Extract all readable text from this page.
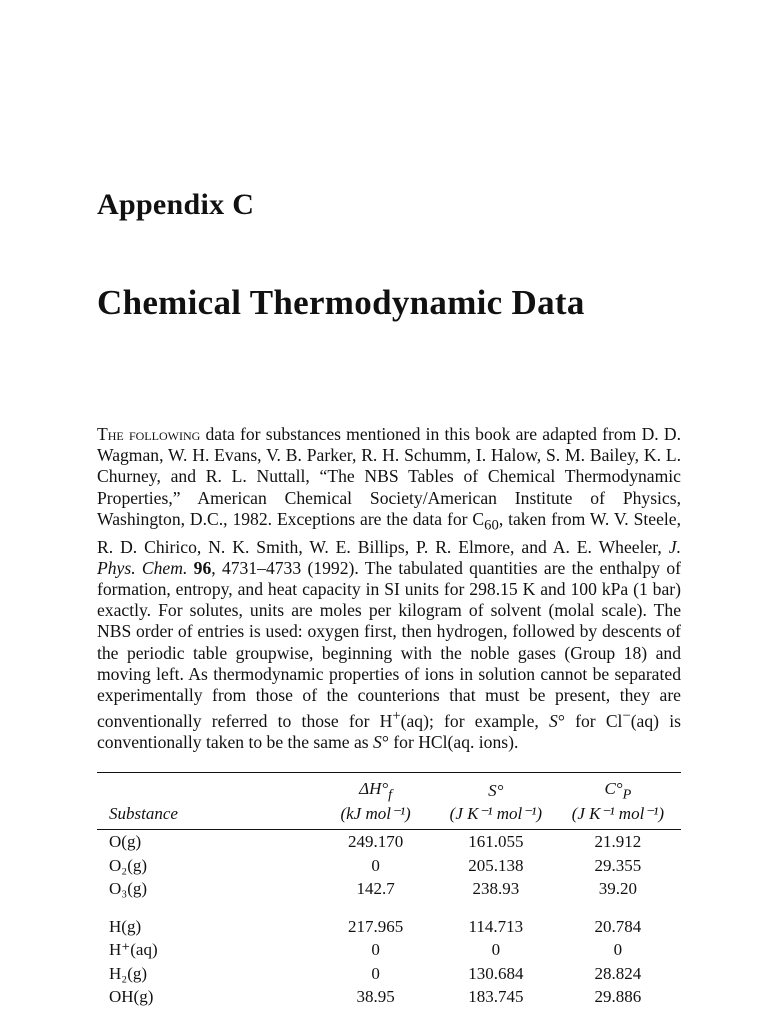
Appendix C
Chemical Thermodynamic Data
The following data for substances mentioned in this book are adapted from D. D. Wagman, W. H. Evans, V. B. Parker, R. H. Schumm, I. Halow, S. M. Bailey, K. L. Churney, and R. L. Nuttall, “The NBS Tables of Chemical Thermodynamic Properties,” American Chemical Society/American Institute of Physics, Washington, D.C., 1982. Exceptions are the data for $C_{60}$, taken from W. V. Steele, R. D. Chirico, N. K. Smith, W. E. Billips, P. R. Elmore, and A. E. Wheeler, J. Phys. Chem. 96, 4731–4733 (1992). The tabulated quantities are the enthalpy of formation, entropy, and heat capacity in SI units for 298.15 K and 100 kPa (1 bar) exactly. For solutes, units are moles per kilogram of solvent (molal scale). The NBS order of entries is used: oxygen first, then hydrogen, followed by descents of the periodic table groupwise, beginning with the noble gases (Group 18) and moving left. As thermodynamic properties of ions in solution cannot be separated experimentally from those of the counterions that must be present, they are conventionally referred to those for H+(aq); for example, S° for Cl−(aq) is conventionally taken to be the same as S° for HCl(aq. ions).
	$\Delta H^\circ_f$	S°	$C^\circ_P$
Substance	(kJ mol⁻¹)	(J K⁻¹ mol⁻¹)	(J K⁻¹ mol⁻¹)
O(g)	249.170	161.055	21.912
O₂(g)	0	205.138	29.355
O₃(g)	142.7	238.93	39.20
H(g)	217.965	114.713	20.784
H⁺(aq)	0	0	0
H₂(g)	0	130.684	28.824
OH(g)	38.95	183.745	29.886
